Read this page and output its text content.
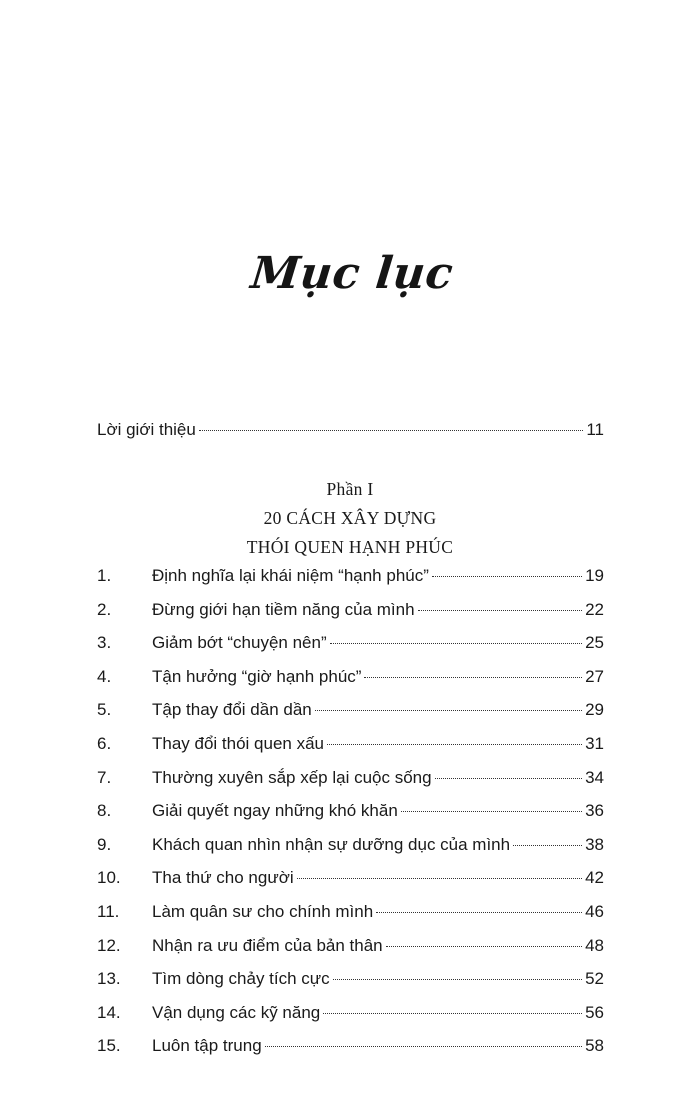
Mục lục
Lời giới thiệu	11
Phần I
20 CÁCH XÂY DỰNG
THÓI QUEN HẠNH PHÚC
1.	Định nghĩa lại khái niệm “hạnh phúc”	19
2.	Đừng giới hạn tiềm năng của mình	22
3.	Giảm bớt “chuyện nên”	25
4.	Tận hưởng “giờ hạnh phúc”	27
5.	Tập thay đổi dần dần	29
6.	Thay đổi thói quen xấu	31
7.	Thường xuyên sắp xếp lại cuộc sống	34
8.	Giải quyết ngay những khó khăn	36
9.	Khách quan nhìn nhận sự dưỡng dục của mình	38
10.	Tha thứ cho người	42
11.	Làm quân sư cho chính mình	46
12.	Nhận ra ưu điểm của bản thân	48
13.	Tìm dòng chảy tích cực	52
14.	Vận dụng các kỹ năng	56
15.	Luôn tập trung	58
